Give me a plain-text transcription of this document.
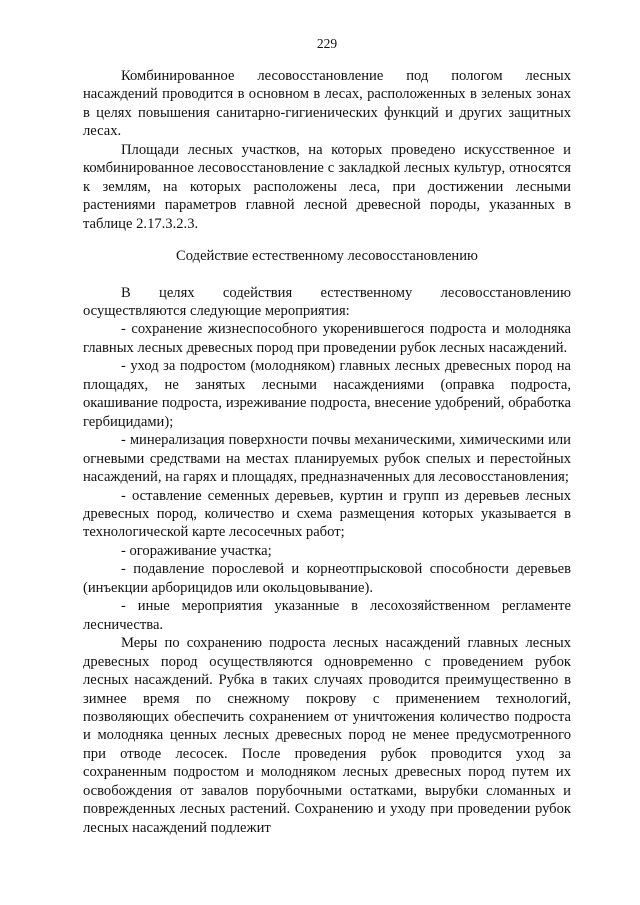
229

Комбинированное лесовосстановление под пологом лесных насаждений проводится в основном в лесах, расположенных в зеленых зонах в целях повышения санитарно-гигиенических функций и других защитных лесах.

Площади лесных участков, на которых проведено искусственное и комбинированное лесовосстановление с закладкой лесных культур, относятся к землям, на которых расположены леса, при достижении лесными растениями параметров главной лесной древесной породы, указанных в таблице 2.17.3.2.3.

Содействие естественному лесовосстановлению

В целях содействия естественному лесовосстановлению осуществляются следующие мероприятия:

- сохранение жизнеспособного укоренившегося подроста и молодняка главных лесных древесных пород при проведении рубок лесных насаждений.

- уход за подростом (молодняком) главных лесных древесных пород на площадях, не занятых лесными насаждениями (оправка подроста, окашивание подроста, изреживание подроста, внесение удобрений, обработка гербицидами);

- минерализация поверхности почвы механическими, химическими или огневыми средствами на местах планируемых рубок спелых и перестойных насаждений, на гарях и площадях, предназначенных для лесовосстановления;

- оставление семенных деревьев, куртин и групп из деревьев лесных древесных пород, количество и схема размещения которых указывается в технологической карте лесосечных работ;

- огораживание участка;

- подавление порослевой и корнеотпрысковой способности деревьев (инъекции арборицидов или окольцовывание).

- иные мероприятия указанные в лесохозяйственном регламенте лесничества.

Меры по сохранению подроста лесных насаждений главных лесных древесных пород осуществляются одновременно с проведением рубок лесных насаждений. Рубка в таких случаях проводится преимущественно в зимнее время по снежному покрову с применением технологий, позволяющих обеспечить сохранением от уничтожения количество подроста и молодняка ценных лесных древесных пород не менее предусмотренного при отводе лесосек. После проведения рубок проводится уход за сохраненным подростом и молодняком лесных древесных пород путем их освобождения от завалов порубочными остатками, вырубки сломанных и поврежденных лесных растений. Сохранению и уходу при проведении рубок лесных насаждений подлежит
